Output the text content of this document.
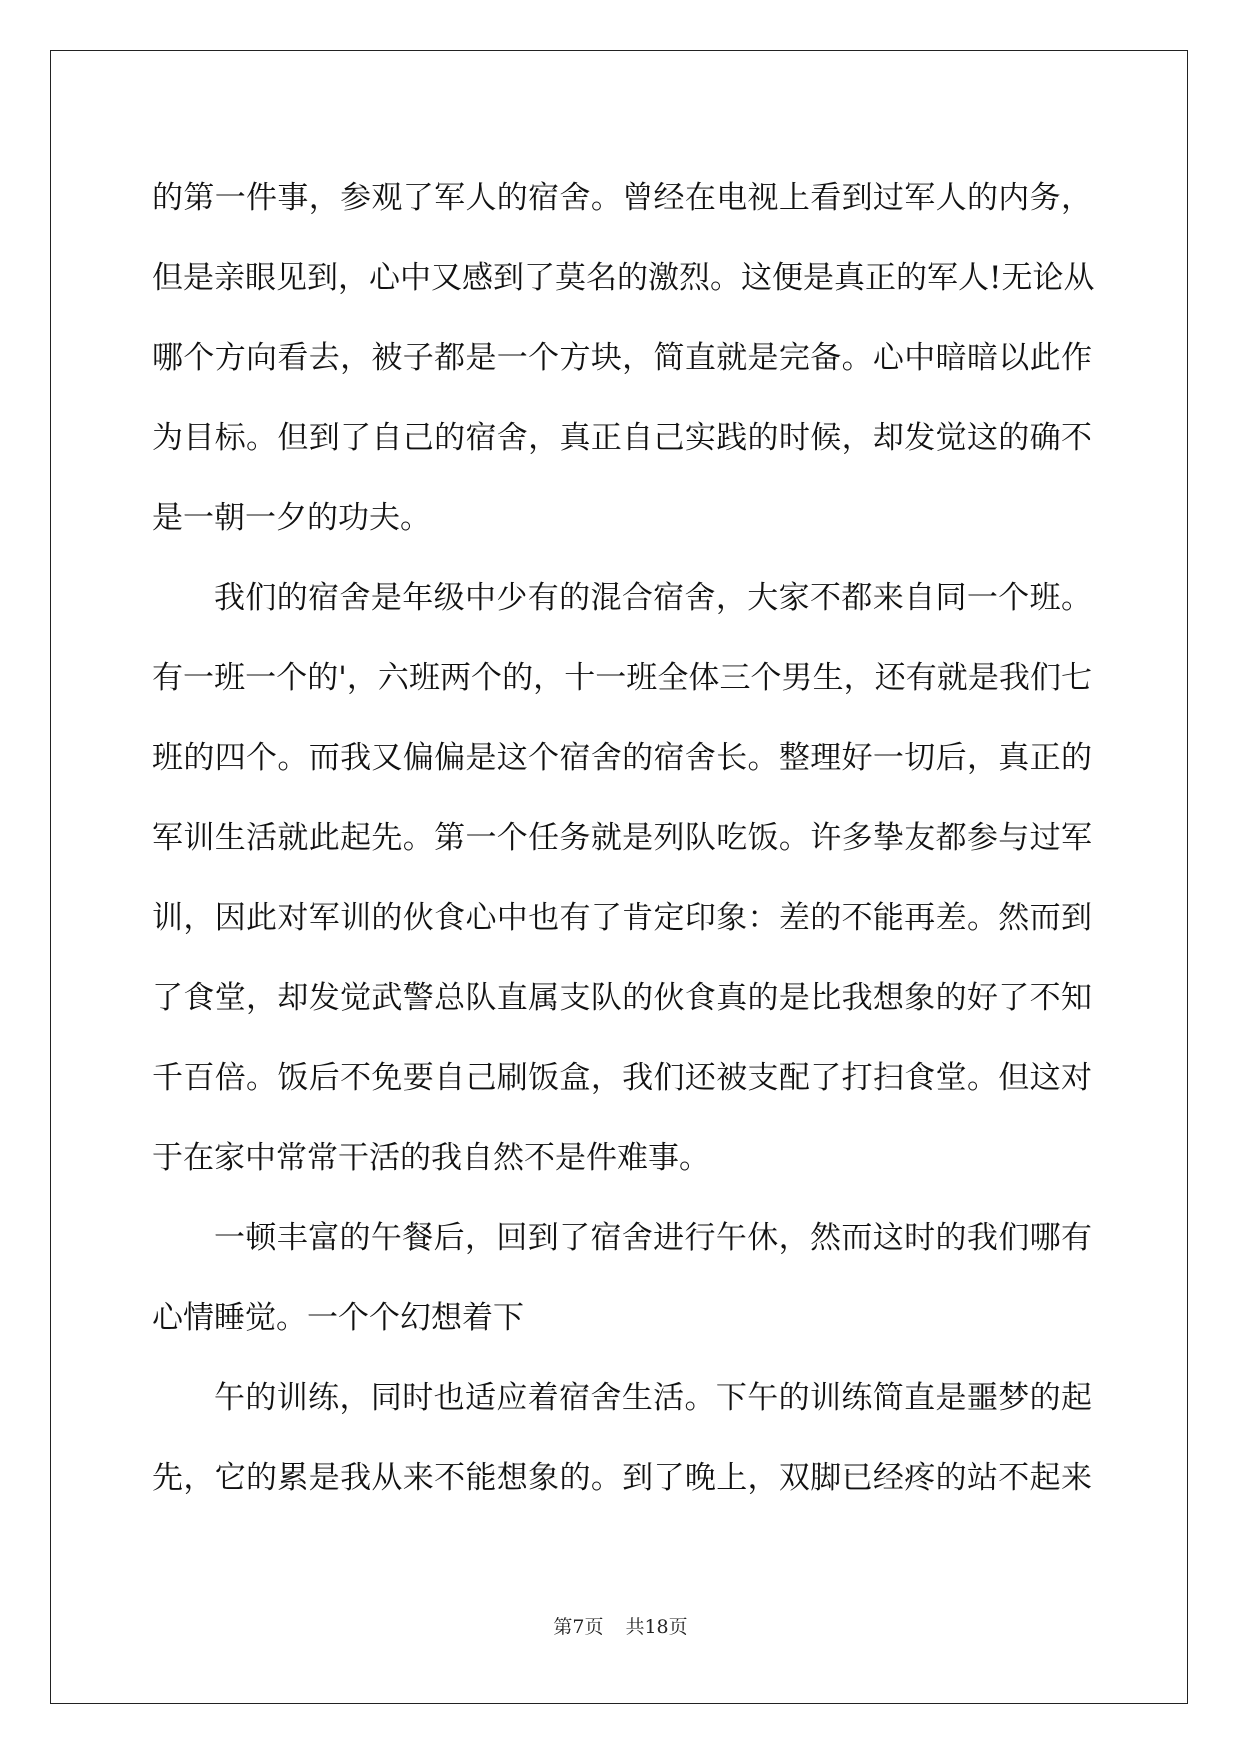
的第一件事，参观了军人的宿舍。曾经在电视上看到过军人的内务，
但是亲眼见到，心中又感到了莫名的激烈。这便是真正的军人!无论从
哪个方向看去，被子都是一个方块，简直就是完备。心中暗暗以此作
为目标。但到了自己的宿舍，真正自己实践的时候，却发觉这的确不
是一朝一夕的功夫。
我们的宿舍是年级中少有的混合宿舍，大家不都来自同一个班。
有一班一个的'，六班两个的，十一班全体三个男生，还有就是我们七
班的四个。而我又偏偏是这个宿舍的宿舍长。整理好一切后，真正的
军训生活就此起先。第一个任务就是列队吃饭。许多挚友都参与过军
训，因此对军训的伙食心中也有了肯定印象：差的不能再差。然而到
了食堂，却发觉武警总队直属支队的伙食真的是比我想象的好了不知
千百倍。饭后不免要自己刷饭盒，我们还被支配了打扫食堂。但这对
于在家中常常干活的我自然不是件难事。
一顿丰富的午餐后，回到了宿舍进行午休，然而这时的我们哪有
心情睡觉。一个个幻想着下
午的训练，同时也适应着宿舍生活。下午的训练简直是噩梦的起
先，它的累是我从来不能想象的。到了晚上，双脚已经疼的站不起来
第7页 共18页
